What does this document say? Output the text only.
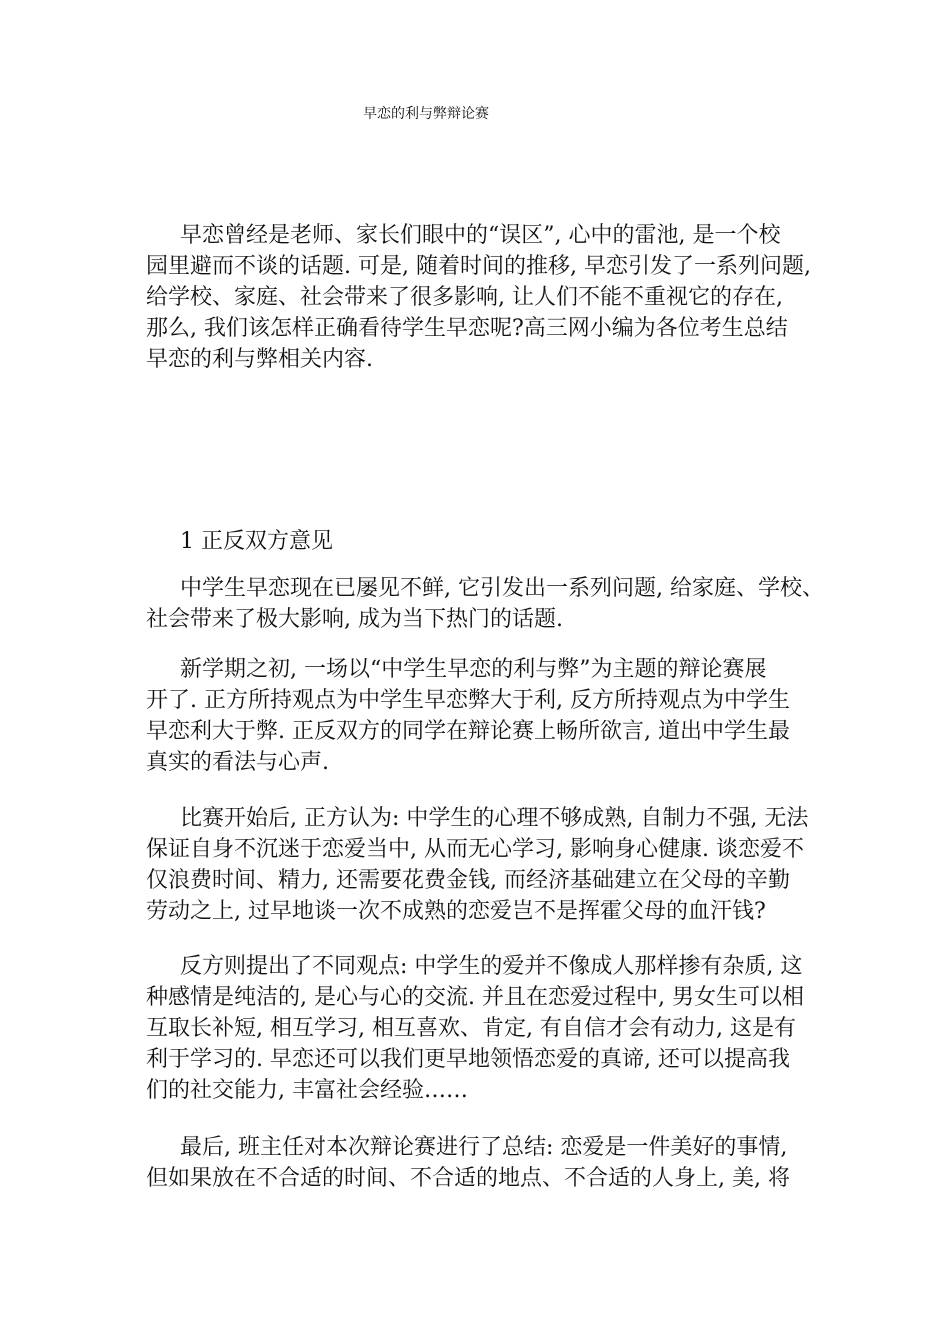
早恋的利与弊辩论赛
早恋曾经是老师、家长们眼中的“误区”, 心中的雷池, 是一个校
园里避而不谈的话题. 可是, 随着时间的推移, 早恋引发了一系列问题,
给学校、家庭、社会带来了很多影响, 让人们不能不重视它的存在,
那么, 我们该怎样正确看待学生早恋呢?高三网小编为各位考生总结
早恋的利与弊相关内容.
1 正反双方意见
中学生早恋现在已屡见不鲜, 它引发出一系列问题, 给家庭、学校、
社会带来了极大影响, 成为当下热门的话题.
新学期之初, 一场以“中学生早恋的利与弊”为主题的辩论赛展
开了. 正方所持观点为中学生早恋弊大于利, 反方所持观点为中学生
早恋利大于弊. 正反双方的同学在辩论赛上畅所欲言, 道出中学生最
真实的看法与心声.
比赛开始后, 正方认为: 中学生的心理不够成熟, 自制力不强, 无法
保证自身不沉迷于恋爱当中, 从而无心学习, 影响身心健康. 谈恋爱不
仅浪费时间、精力, 还需要花费金钱, 而经济基础建立在父母的辛勤
劳动之上, 过早地谈一次不成熟的恋爱岂不是挥霍父母的血汗钱?
反方则提出了不同观点: 中学生的爱并不像成人那样掺有杂质, 这
种感情是纯洁的, 是心与心的交流. 并且在恋爱过程中, 男女生可以相
互取长补短, 相互学习, 相互喜欢、肯定, 有自信才会有动力, 这是有
利于学习的. 早恋还可以我们更早地领悟恋爱的真谛, 还可以提高我
们的社交能力, 丰富社会经验……
最后, 班主任对本次辩论赛进行了总结: 恋爱是一件美好的事情,
但如果放在不合适的时间、不合适的地点、不合适的人身上, 美, 将
